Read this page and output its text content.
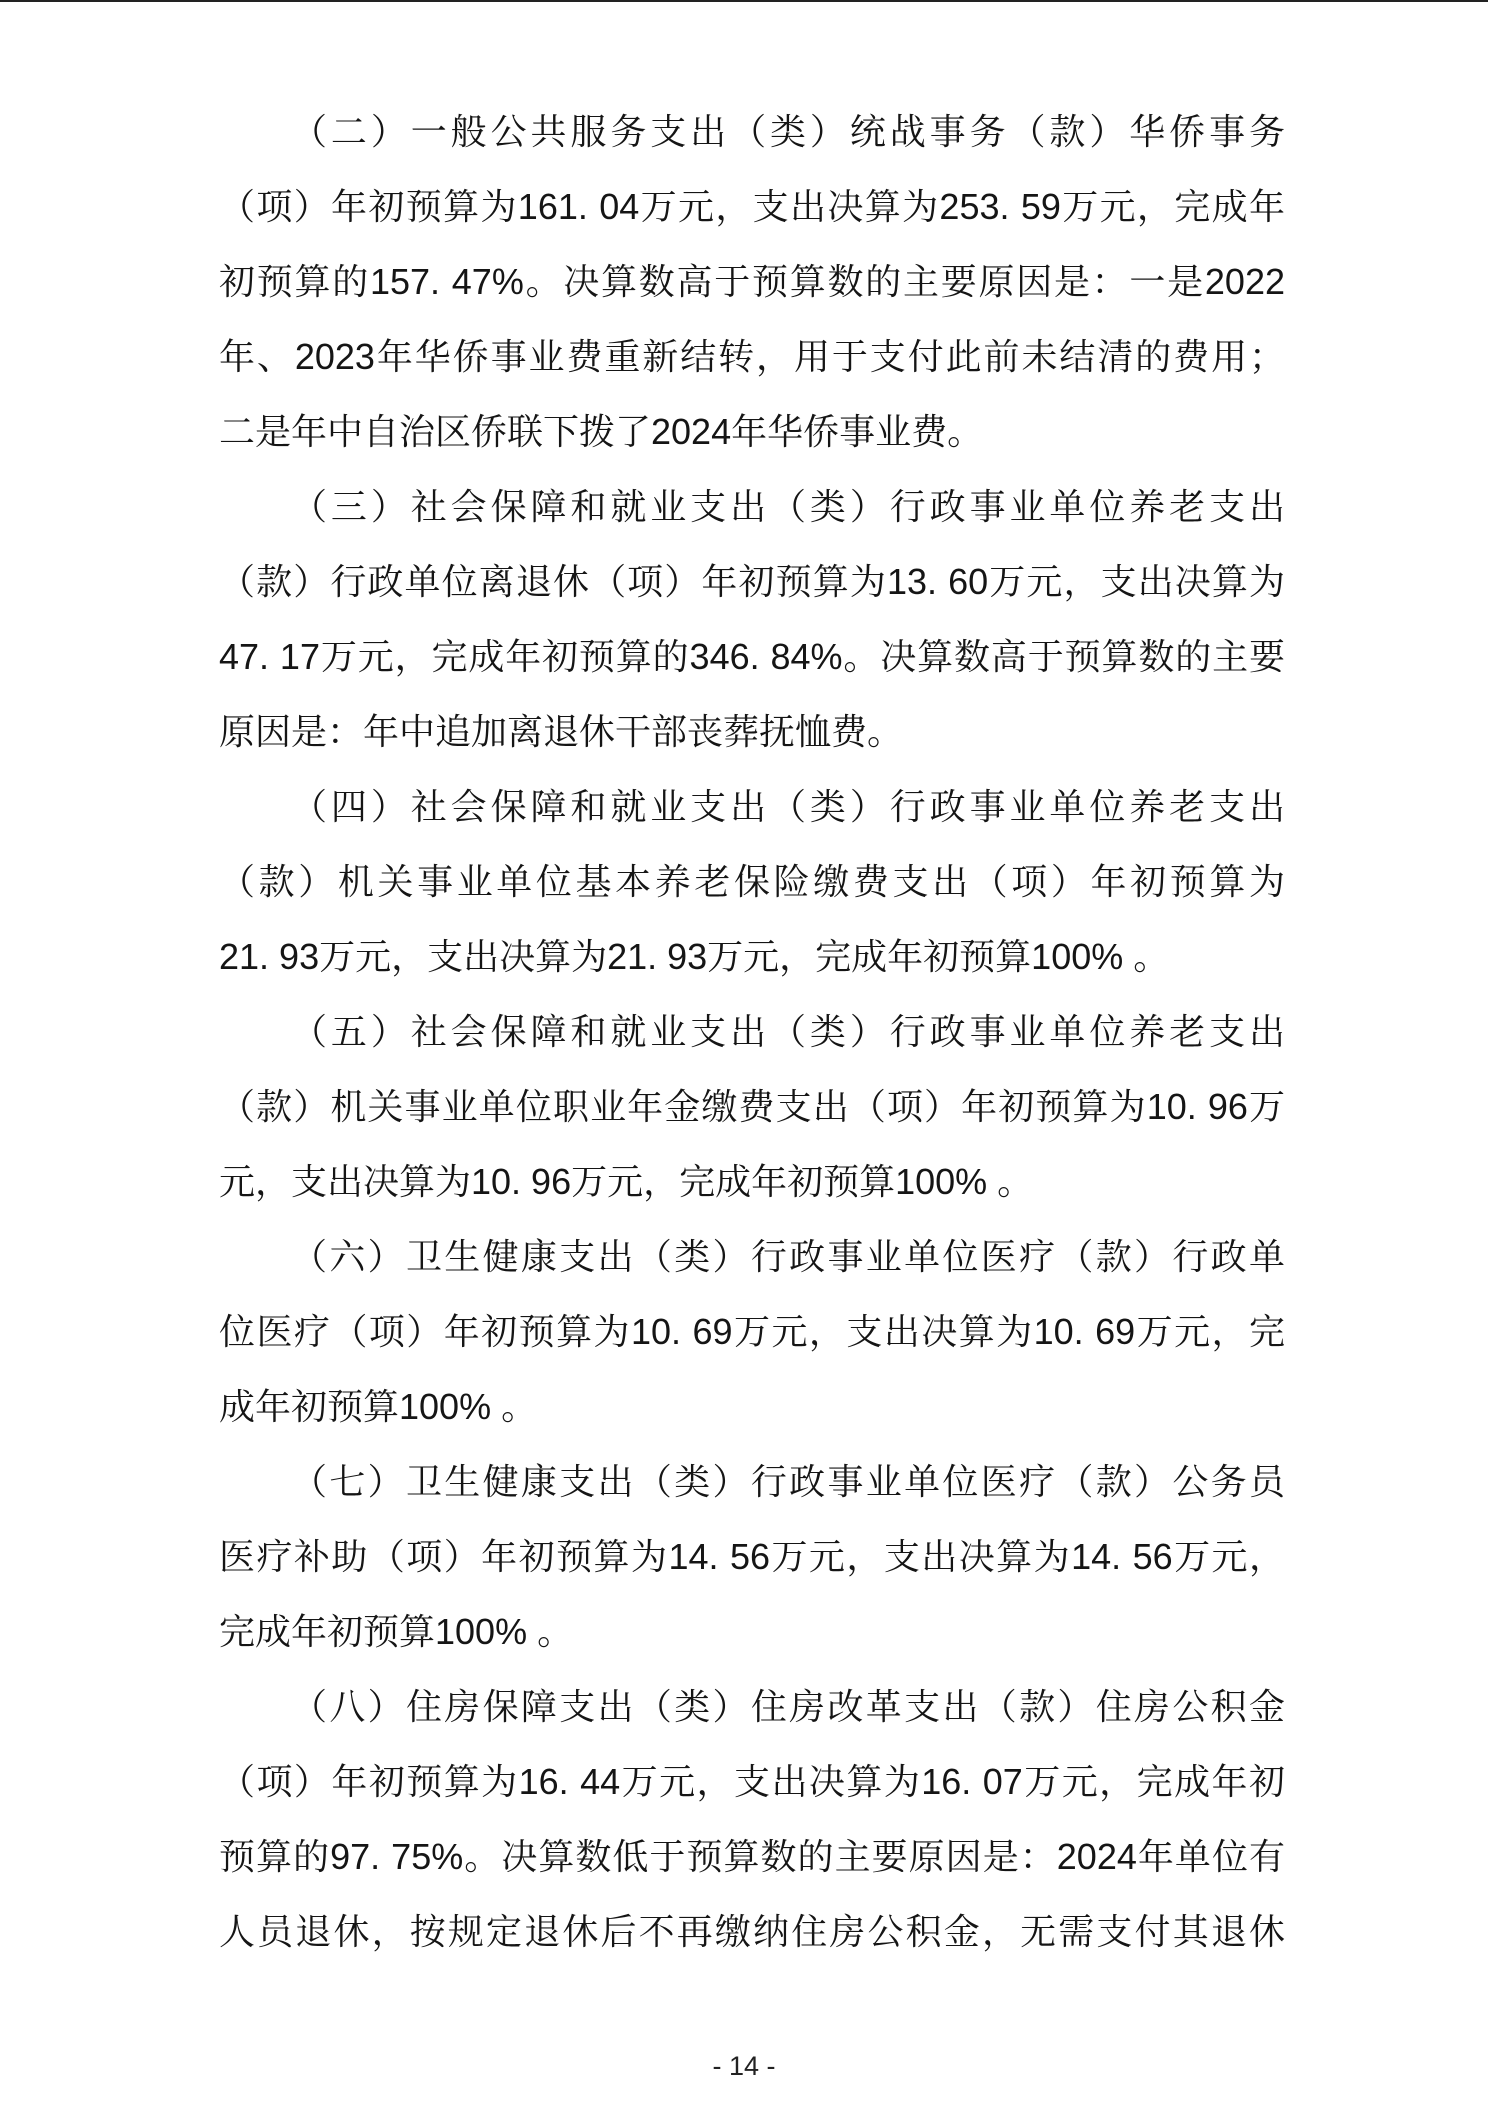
（二）一般公共服务支出（类）统战事务（款）华侨事务
（项）年初预算为161. 04万元，支出决算为253. 59万元，完成年
初预算的157. 47%。决算数高于预算数的主要原因是：一是2022
年、2023年华侨事业费重新结转，用于支付此前未结清的费用；
二是年中自治区侨联下拨了2024年华侨事业费。
（三）社会保障和就业支出（类）行政事业单位养老支出
（款）行政单位离退休（项）年初预算为13. 60万元，支出决算为
47. 17万元，完成年初预算的346. 84%。决算数高于预算数的主要
原因是：年中追加离退休干部丧葬抚恤费。
（四）社会保障和就业支出（类）行政事业单位养老支出
（款）机关事业单位基本养老保险缴费支出（项）年初预算为
21. 93万元，支出决算为21. 93万元，完成年初预算100% 。
（五）社会保障和就业支出（类）行政事业单位养老支出
（款）机关事业单位职业年金缴费支出（项）年初预算为10. 96万
元，支出决算为10. 96万元，完成年初预算100% 。
（六）卫生健康支出（类）行政事业单位医疗（款）行政单
位医疗（项）年初预算为10. 69万元，支出决算为10. 69万元，完
成年初预算100% 。
（七）卫生健康支出（类）行政事业单位医疗（款）公务员
医疗补助（项）年初预算为14. 56万元，支出决算为14. 56万元，
完成年初预算100% 。
（八）住房保障支出（类）住房改革支出（款）住房公积金
（项）年初预算为16. 44万元，支出决算为16. 07万元，完成年初
预算的97. 75%。决算数低于预算数的主要原因是：2024年单位有
人员退休，按规定退休后不再缴纳住房公积金，无需支付其退休
- 14 -
